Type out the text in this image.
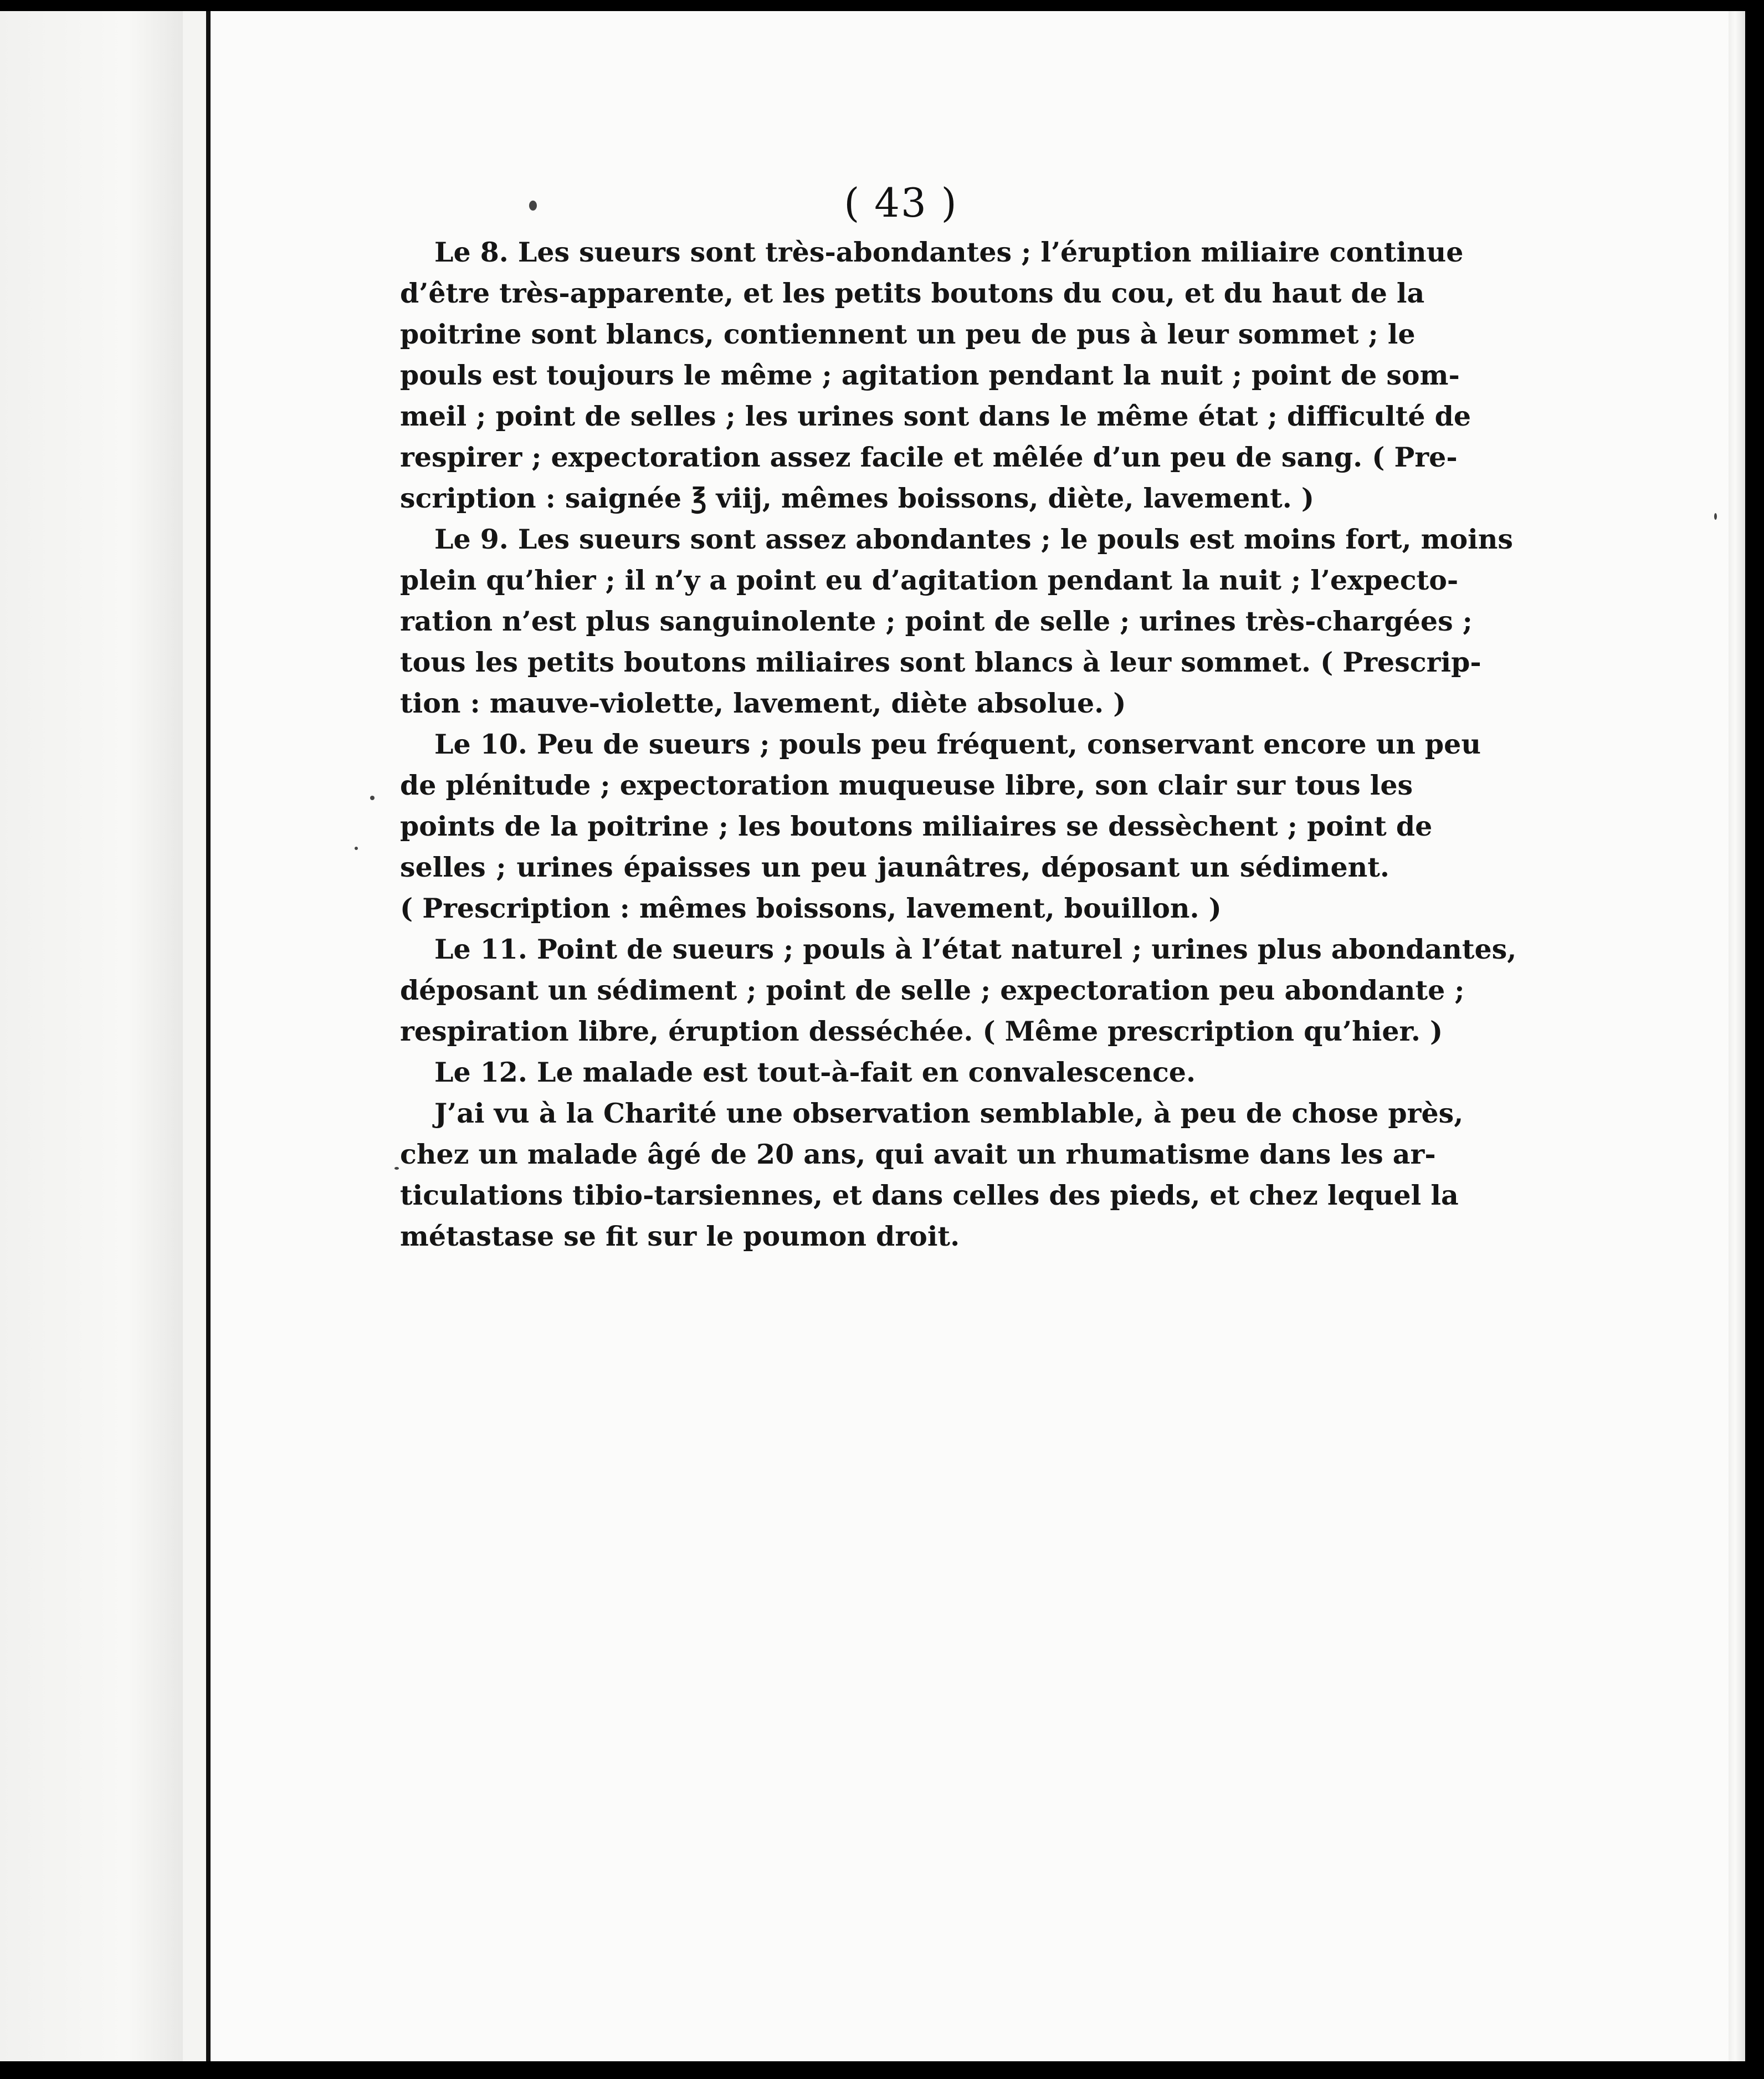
( 43 )
Le 8. Les sueurs sont très-abondantes ; l’éruption miliaire continue
d’être très-apparente, et les petits boutons du cou, et du haut de la
poitrine sont blancs, contiennent un peu de pus à leur sommet ; le
pouls est toujours le même ; agitation pendant la nuit ; point de som-
meil ; point de selles ; les urines sont dans le même état ; difficulté de
respirer ; expectoration assez facile et mêlée d’un peu de sang. ( Pre-
scription : saignée ℥ viij, mêmes boissons, diète, lavement. )
Le 9. Les sueurs sont assez abondantes ; le pouls est moins fort, moins
plein qu’hier ; il n’y a point eu d’agitation pendant la nuit ; l’expecto-
ration n’est plus sanguinolente ; point de selle ; urines très-chargées ;
tous les petits boutons miliaires sont blancs à leur sommet. ( Prescrip-
tion : mauve-violette, lavement, diète absolue. )
Le 10. Peu de sueurs ; pouls peu fréquent, conservant encore un peu
de plénitude ; expectoration muqueuse libre, son clair sur tous les
points de la poitrine ; les boutons miliaires se dessèchent ; point de
selles ; urines épaisses un peu jaunâtres, déposant un sédiment.
( Prescription : mêmes boissons, lavement, bouillon. )
Le 11. Point de sueurs ; pouls à l’état naturel ; urines plus abondantes,
déposant un sédiment ; point de selle ; expectoration peu abondante ;
respiration libre, éruption desséchée. ( Même prescription qu’hier. )
Le 12. Le malade est tout-à-fait en convalescence.
J’ai vu à la Charité une observation semblable, à peu de chose près,
chez un malade âgé de 20 ans, qui avait un rhumatisme dans les ar-
ticulations tibio-tarsiennes, et dans celles des pieds, et chez lequel la
métastase se fit sur le poumon droit.
